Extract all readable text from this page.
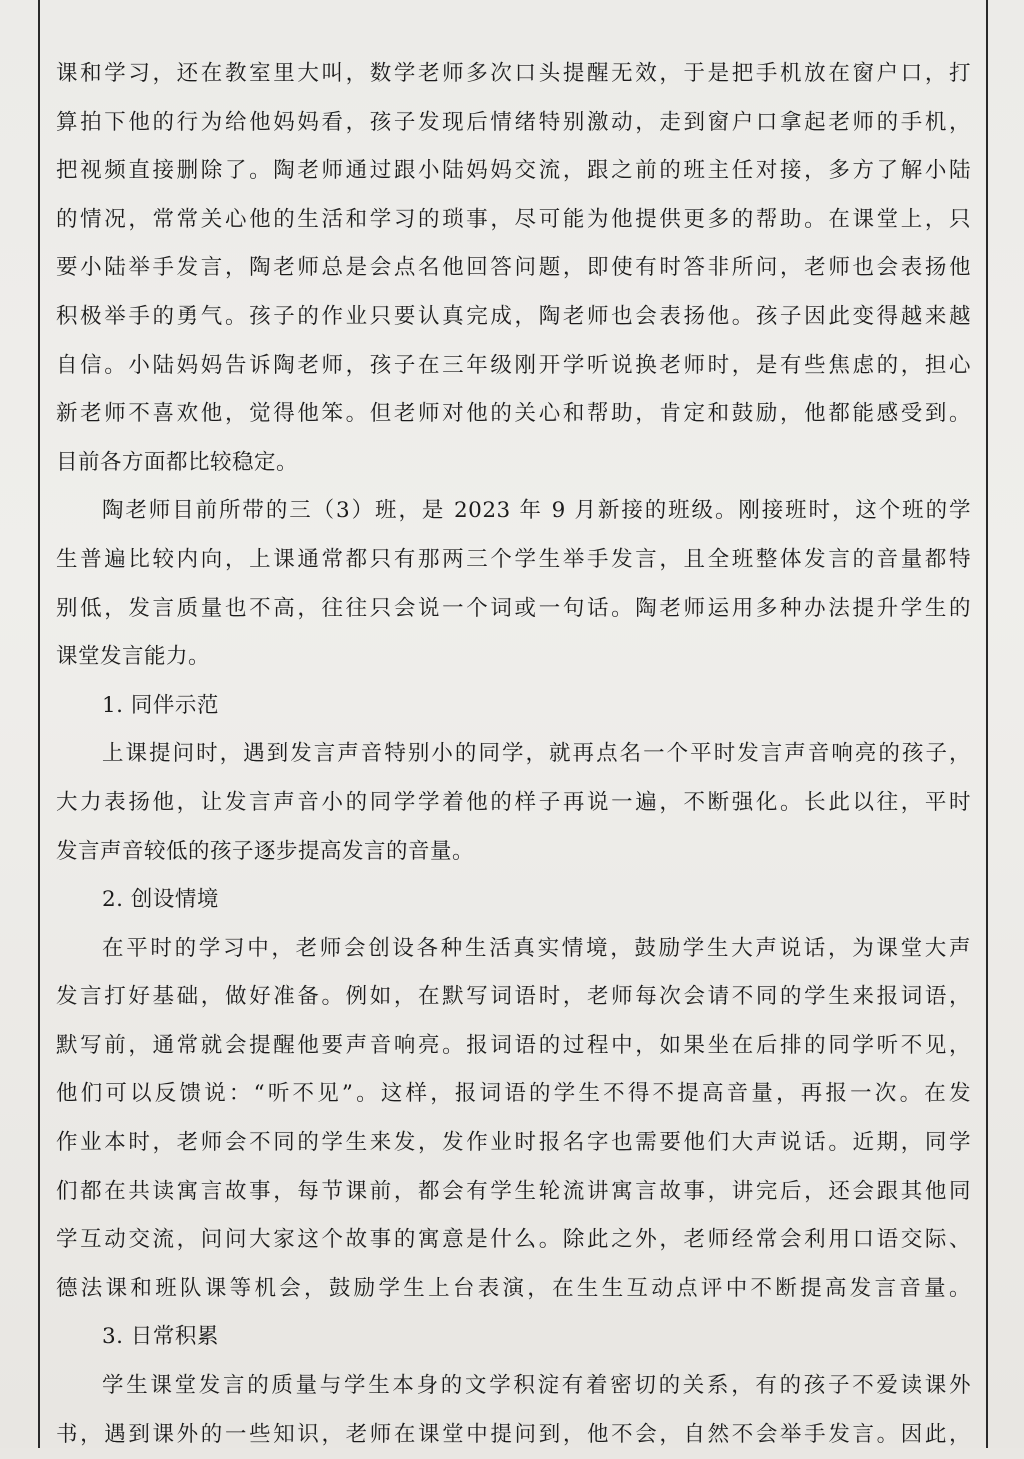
课和学习，还在教室里大叫，数学老师多次口头提醒无效，于是把手机放在窗户口，打
算拍下他的行为给他妈妈看，孩子发现后情绪特别激动，走到窗户口拿起老师的手机，
把视频直接删除了。陶老师通过跟小陆妈妈交流，跟之前的班主任对接，多方了解小陆
的情况，常常关心他的生活和学习的琐事，尽可能为他提供更多的帮助。在课堂上，只
要小陆举手发言，陶老师总是会点名他回答问题，即使有时答非所问，老师也会表扬他
积极举手的勇气。孩子的作业只要认真完成，陶老师也会表扬他。孩子因此变得越来越
自信。小陆妈妈告诉陶老师，孩子在三年级刚开学听说换老师时，是有些焦虑的，担心
新老师不喜欢他，觉得他笨。但老师对他的关心和帮助，肯定和鼓励，他都能感受到。
目前各方面都比较稳定。
陶老师目前所带的三（3）班，是 2023 年 9 月新接的班级。刚接班时，这个班的学
生普遍比较内向，上课通常都只有那两三个学生举手发言，且全班整体发言的音量都特
别低，发言质量也不高，往往只会说一个词或一句话。陶老师运用多种办法提升学生的
课堂发言能力。
1. 同伴示范
上课提问时，遇到发言声音特别小的同学，就再点名一个平时发言声音响亮的孩子，
大力表扬他，让发言声音小的同学学着他的样子再说一遍，不断强化。长此以往，平时
发言声音较低的孩子逐步提高发言的音量。
2. 创设情境
在平时的学习中，老师会创设各种生活真实情境，鼓励学生大声说话，为课堂大声
发言打好基础，做好准备。例如，在默写词语时，老师每次会请不同的学生来报词语，
默写前，通常就会提醒他要声音响亮。报词语的过程中，如果坐在后排的同学听不见，
他们可以反馈说：“听不见”。这样，报词语的学生不得不提高音量，再报一次。在发
作业本时，老师会不同的学生来发，发作业时报名字也需要他们大声说话。近期，同学
们都在共读寓言故事，每节课前，都会有学生轮流讲寓言故事，讲完后，还会跟其他同
学互动交流，问问大家这个故事的寓意是什么。除此之外，老师经常会利用口语交际、
德法课和班队课等机会，鼓励学生上台表演，在生生互动点评中不断提高发言音量。
3. 日常积累
学生课堂发言的质量与学生本身的文学积淀有着密切的关系，有的孩子不爱读课外
书，遇到课外的一些知识，老师在课堂中提问到，他不会，自然不会举手发言。因此，
